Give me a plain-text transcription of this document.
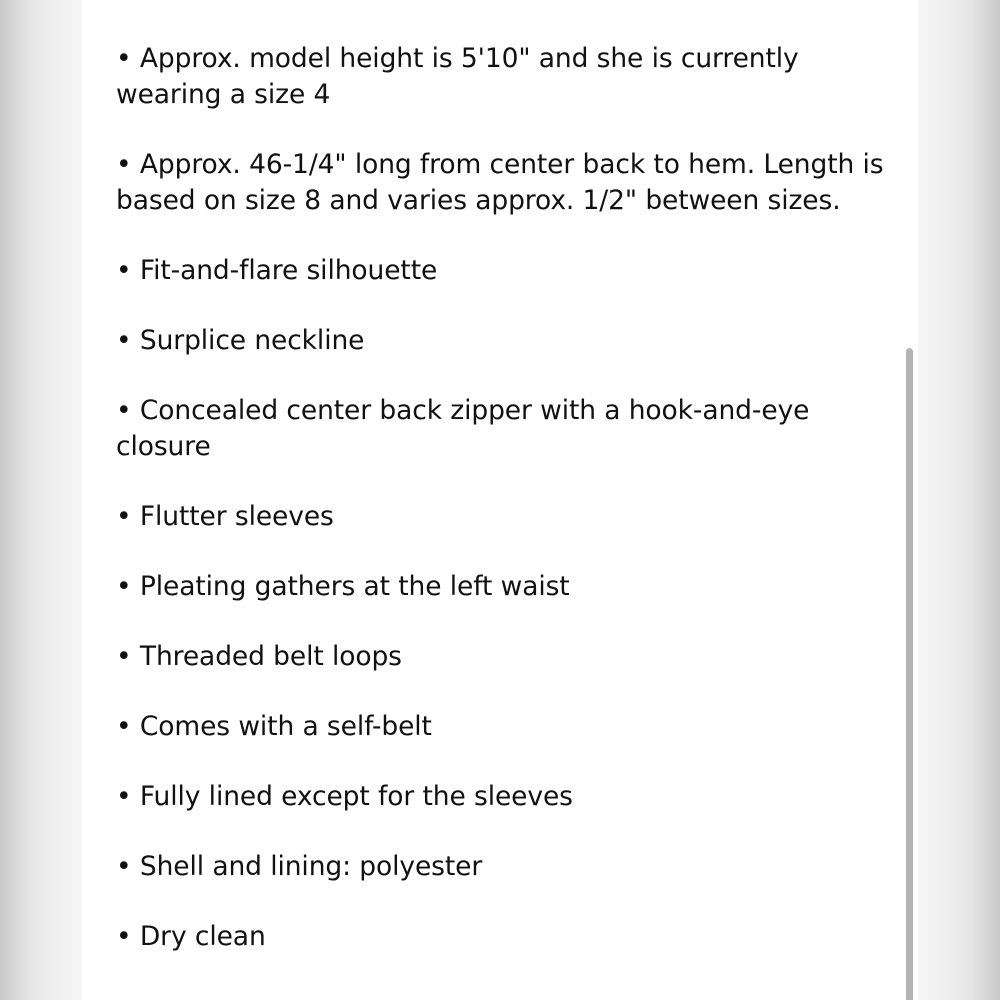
• Approx. model height is 5'10" and she is currently wearing a size 4

• Approx. 46-1/4" long from center back to hem. Length is based on size 8 and varies approx. 1/2" between sizes.

• Fit-and-flare silhouette

• Surplice neckline

• Concealed center back zipper with a hook-and-eye closure

• Flutter sleeves

• Pleating gathers at the left waist

• Threaded belt loops

• Comes with a self-belt

• Fully lined except for the sleeves

• Shell and lining: polyester

• Dry clean
